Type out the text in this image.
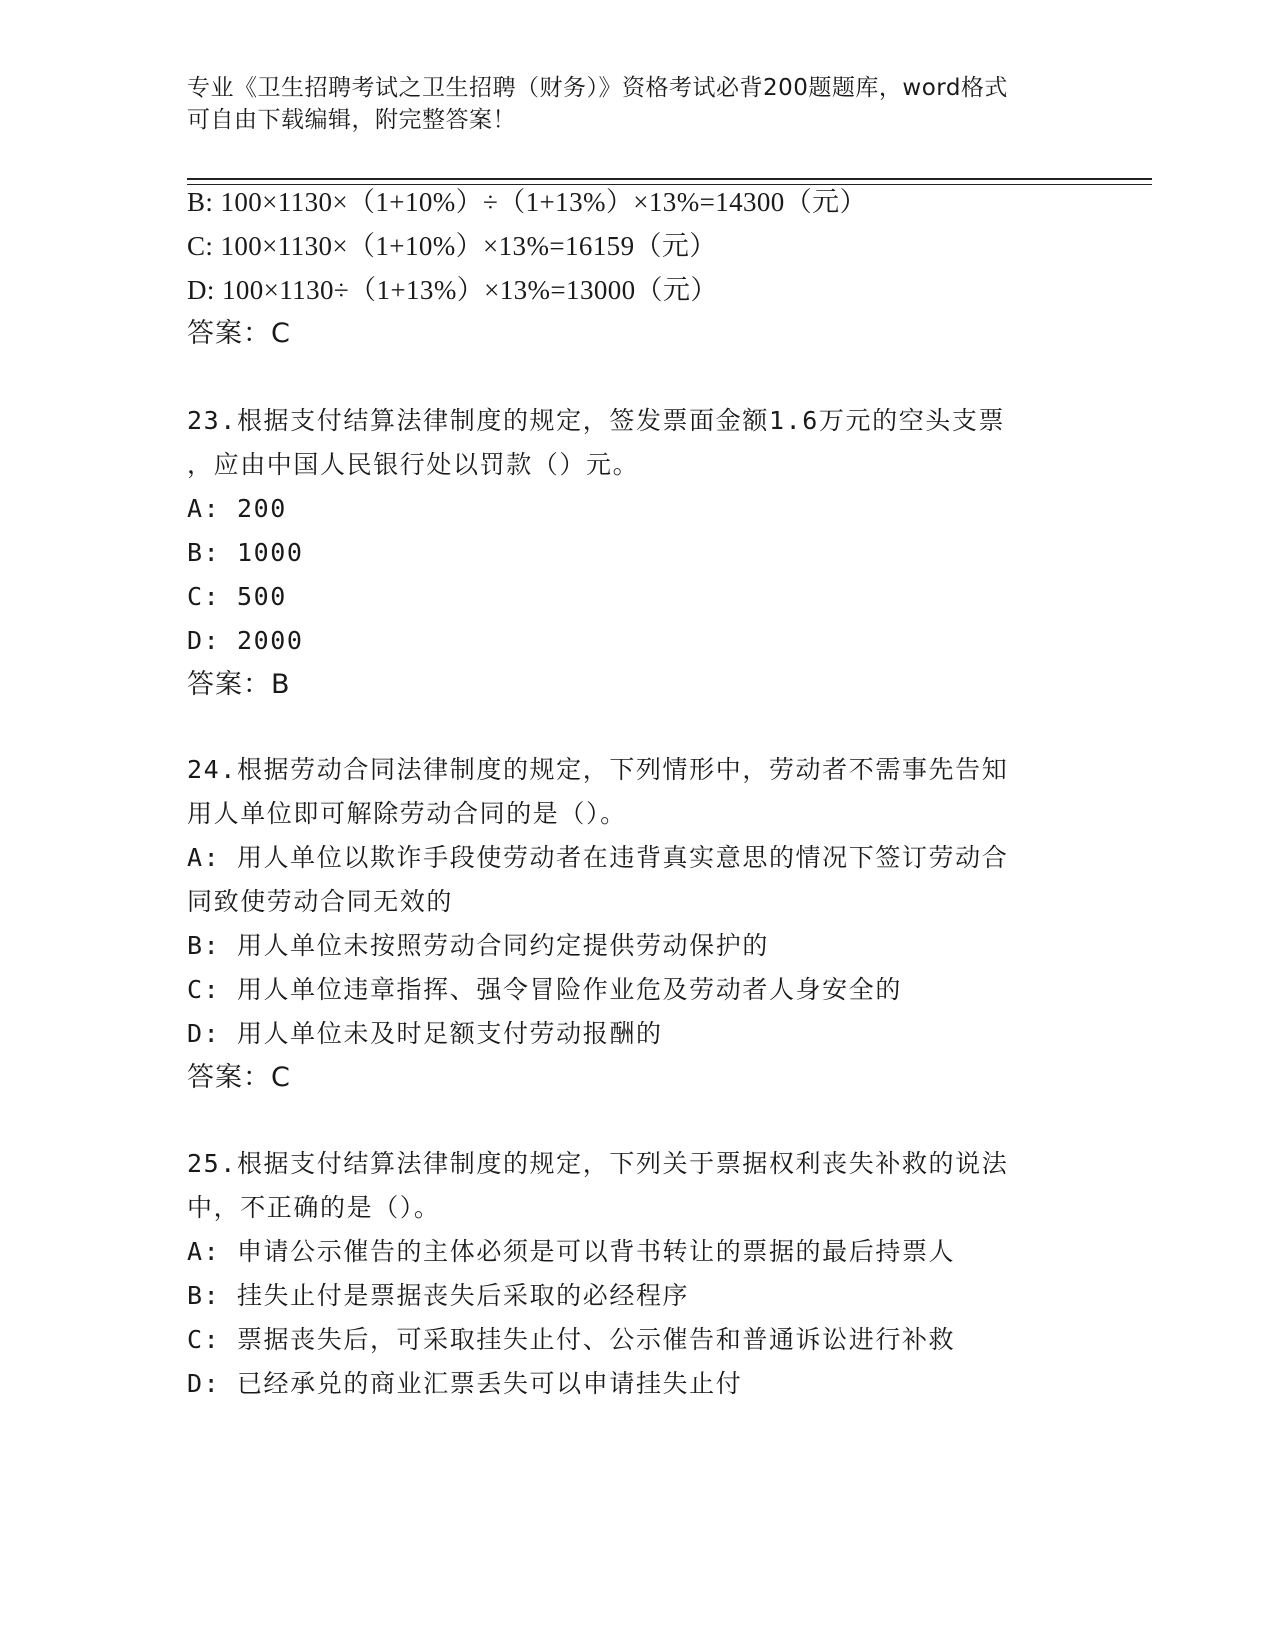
专业《卫生招聘考试之卫生招聘（财务）》资格考试必背200题题库，word格式
可自由下载编辑，附完整答案！
B: 100×1130×（1+10%）÷（1+13%）×13%=14300（元）
C: 100×1130×（1+10%）×13%=16159（元）
D: 100×1130÷（1+13%）×13%=13000（元）
答案：C
23.根据支付结算法律制度的规定，签发票面金额1.6万元的空头支票
，应由中国人民银行处以罚款（）元。
A: 200
B: 1000
C: 500
D: 2000
答案：B
24.根据劳动合同法律制度的规定，下列情形中，劳动者不需事先告知
用人单位即可解除劳动合同的是（）。
A: 用人单位以欺诈手段使劳动者在违背真实意思的情况下签订劳动合
同致使劳动合同无效的
B: 用人单位未按照劳动合同约定提供劳动保护的
C: 用人单位违章指挥、强令冒险作业危及劳动者人身安全的
D: 用人单位未及时足额支付劳动报酬的
答案：C
25.根据支付结算法律制度的规定，下列关于票据权利丧失补救的说法
中，不正确的是（）。
A: 申请公示催告的主体必须是可以背书转让的票据的最后持票人
B: 挂失止付是票据丧失后采取的必经程序
C: 票据丧失后，可采取挂失止付、公示催告和普通诉讼进行补救
D: 已经承兑的商业汇票丢失可以申请挂失止付
